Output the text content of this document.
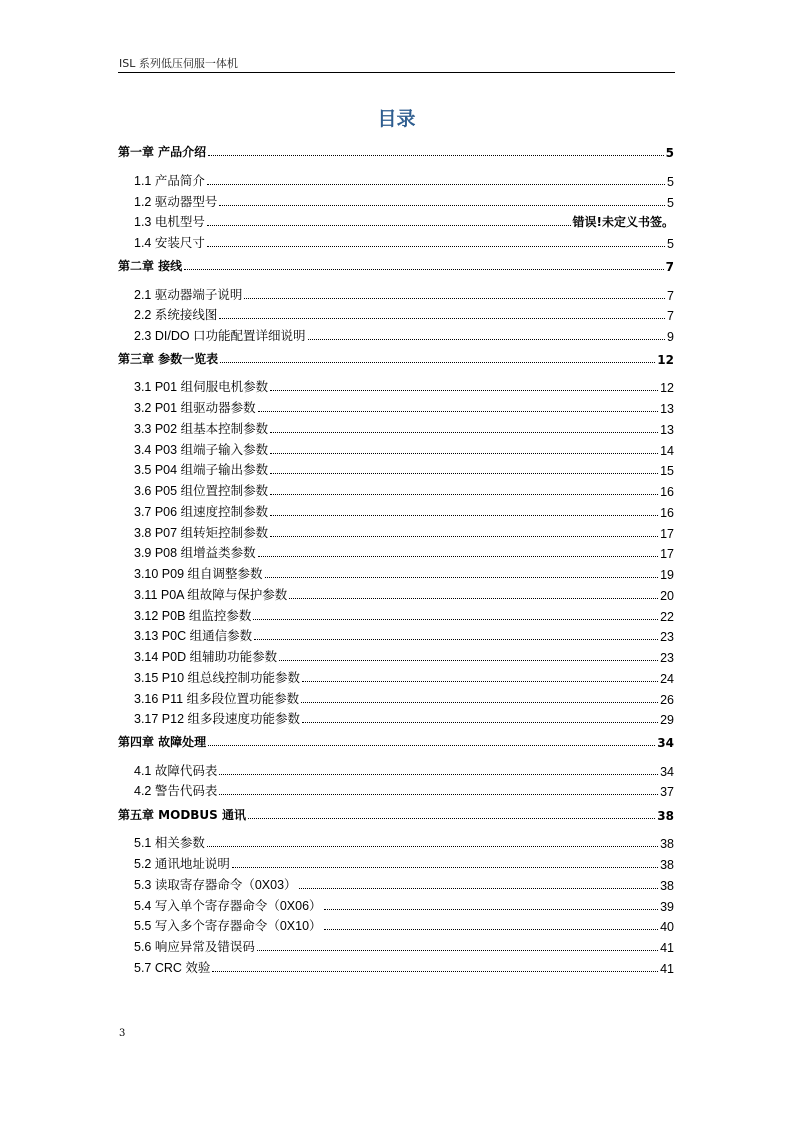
ISL 系列低压伺服一体机
目录
第一章 产品介绍	5
1.1 产品简介	5
1.2 驱动器型号	5
1.3 电机型号	错误!未定义书签。
1.4 安装尺寸	5
第二章 接线	7
2.1 驱动器端子说明	7
2.2 系统接线图	7
2.3 DI/DO 口功能配置详细说明	9
第三章 参数一览表	12
3.1 P01 组伺服电机参数	12
3.2 P01 组驱动器参数	13
3.3 P02 组基本控制参数	13
3.4 P03 组端子输入参数	14
3.5 P04 组端子输出参数	15
3.6 P05 组位置控制参数	16
3.7 P06 组速度控制参数	16
3.8 P07 组转矩控制参数	17
3.9 P08 组增益类参数	17
3.10 P09 组自调整参数	19
3.11 P0A 组故障与保护参数	20
3.12 P0B 组监控参数	22
3.13 P0C 组通信参数	23
3.14 P0D 组辅助功能参数	23
3.15 P10 组总线控制功能参数	24
3.16 P11 组多段位置功能参数	26
3.17 P12 组多段速度功能参数	29
第四章 故障处理	34
4.1 故障代码表	34
4.2 警告代码表	37
第五章 MODBUS 通讯	38
5.1 相关参数	38
5.2 通讯地址说明	38
5.3 读取寄存器命令（0X03）	38
5.4 写入单个寄存器命令（0X06）	39
5.5 写入多个寄存器命令（0X10）	40
5.6 响应异常及错误码	41
5.7 CRC 效验	41
3
